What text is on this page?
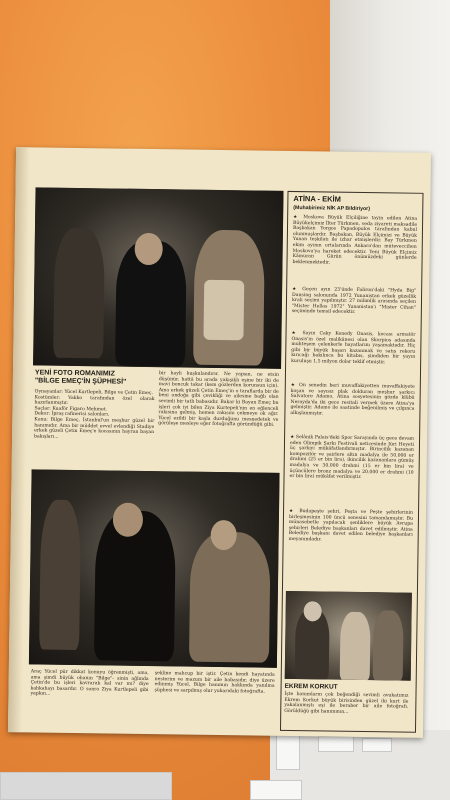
YENİ FOTO ROMANIMIZ
"BİLGE EMEÇ'İN ŞÜPHESİ"
Oynayanlar: Yücel Kurtlepeli, Bilge ve Çetin Emeç.
Kostümler: Vakko tarafından özel olarak hazırlanmıştır.
Saçlar: Kuaför Figaro Mehmet.
Dekor: İpraş rafinerisi salonları.
Konu: Bilge Emeç, İstanbul'un meşhur güzel bir hanımıdır. Ama bir müddet evvel evlendiği Stadiye erkek güzeli Çetin Emeç'e kocasının hayran bayan bakışları...
bir hayli kuşkulandırır. Ne yapsın, ne etsin düşünür, hattâ bu arada yakışıklı eşine bir iki de mavi boncuk takar (kem gözlerden korunsun için). Ama erkek güzeli Çetin Emeç'in o taraflarda bir de beni ondoğa gibi çevikliği ve ailesine bağlı olan sevimli bir tatlı babasıdır. Bakar ki Bayan Emeç bu işleri çok iyi bilen Ziya Kurtepeli'nin en eğlenceli rakısına gelmiş, hemen rakısını çekmeye ok ağır. Yücel ezildi bir kaşla durduğunu mesnedetek ve görüleşe mesleye eğer fotoğrafta göründüğü gibi.
Araç Yücel pür dikkat konuyu öğrenmişti, ama, ama şimdi büyük ohanın "Bilge"- sinin ağlında Çetin'de bu işleri kavrarak kal var mı? diye kahkahayı basardır. O sonra Ziya Kurtlepeli gibi yapkın...
şekline mahcup bir iştir. Çetin kendi hayatında nesterim ve mazum bir aile babasıdır, diye üzere edinmiş Yücel, Bilge hanımın hakkında yanılma şüphesi ve sarpılmış olur yukarıdaki fotoğrafta.
ATİNA - EKİM
(Muhabirimiz NİK AP Bildiriyor)
★ Moskova Büyük Elçiliğine tayin edilen Atina Büyükelçimiz İlter Türkmen, veda ziyareti maksadile Başbakan Yorgos Papadopulos tarafından kabul olunmuşlardır. Başbakan, Büyük Elçimizi ve Büyük Yunan teşkilatı ile izhar etmişlerdir. Bay Türkmen ekim ayının ortalarında Ankara'dan müteveccihen Moskova'ya hareket edecektir. Yeni Büyük Elçimiz Kâmuran Gürün önümüzdeki günlerde beklenmektedir.
★ Geçen ayın 23'ünde Faliron'daki "Hyda Big" Dansing salonunda 1972 Yunanistan erkek güzellik kralı seçimi yapılmıştır. 27 milimlik arasında seçilen "Mister Hellas 1972" Yunanistan'ı "Mister Cihan" seçiminde temsil edecektir.
★ Sayın Caky Kenedy Onasis, kocası armatör Onasis'in özel malikânesi olan Skorpios adasında muhteşem çelenkerle hayatlarını yaşamaktadır. Hiç gibi bir büyük başarı kazanmak ve satış rekoru kırıcağı bakılınca bu kitabıs, şimdiden bir yayın kuruluşu 1,5 milyon dolar teklif etmiştir.
★ On senedin beri muvaffakiyetten muvaffakiyete koşan ve sayısız plak dolduran meşhur şarkıcı Salvatore Adamo, Atina sosyetesinin gözde klübü Nerayda'da iki gece resitali vermek üzere Atina'ya gelmiştir. Adamo ile saatinde beğenilmiş ve çılgınca alkışlanmıştır.
★ Selânik Palais'deki Spor Sarayında üç gece devam eden Olimpik Şarkı Festivali neticesinde Jüri Heyeti üç şarkıyı mükâfatlandırmıştır. Birincilik kazanan kompozitör ve şairlere altın madalya ile 50.000 er drahmi (25 er bin lira), ikincilik kazananlara gümüş madalya ve 30.000 drahmi (15 er bin lira) ve üçüncülere bronz madalya ve 20.000 er drahmi (10 er bin lira) mükâfat verilmiştir.
★ Budapeşte şehri, Peşta ve Peşte şehirlerinin birleşmesinin 100 üncü senesini tamamlamıştır. Bu münasebetle yapılacak şenliklere büyük Avrupa şehirleri Belediye başkanları davet edilmiştir. Atina Belediye başkanı davet edilen belediye başkanları meyanındadır.
EKREM KORKUT
İşte hanımların çok beğendiği sevimli avukatımız Ekrem Korkut büyük birisinden güzel iki kurt ile yakalanmıştı eşi ile beraber bir aile fotoğrafı. Görüldüğü gibi hanımının...
